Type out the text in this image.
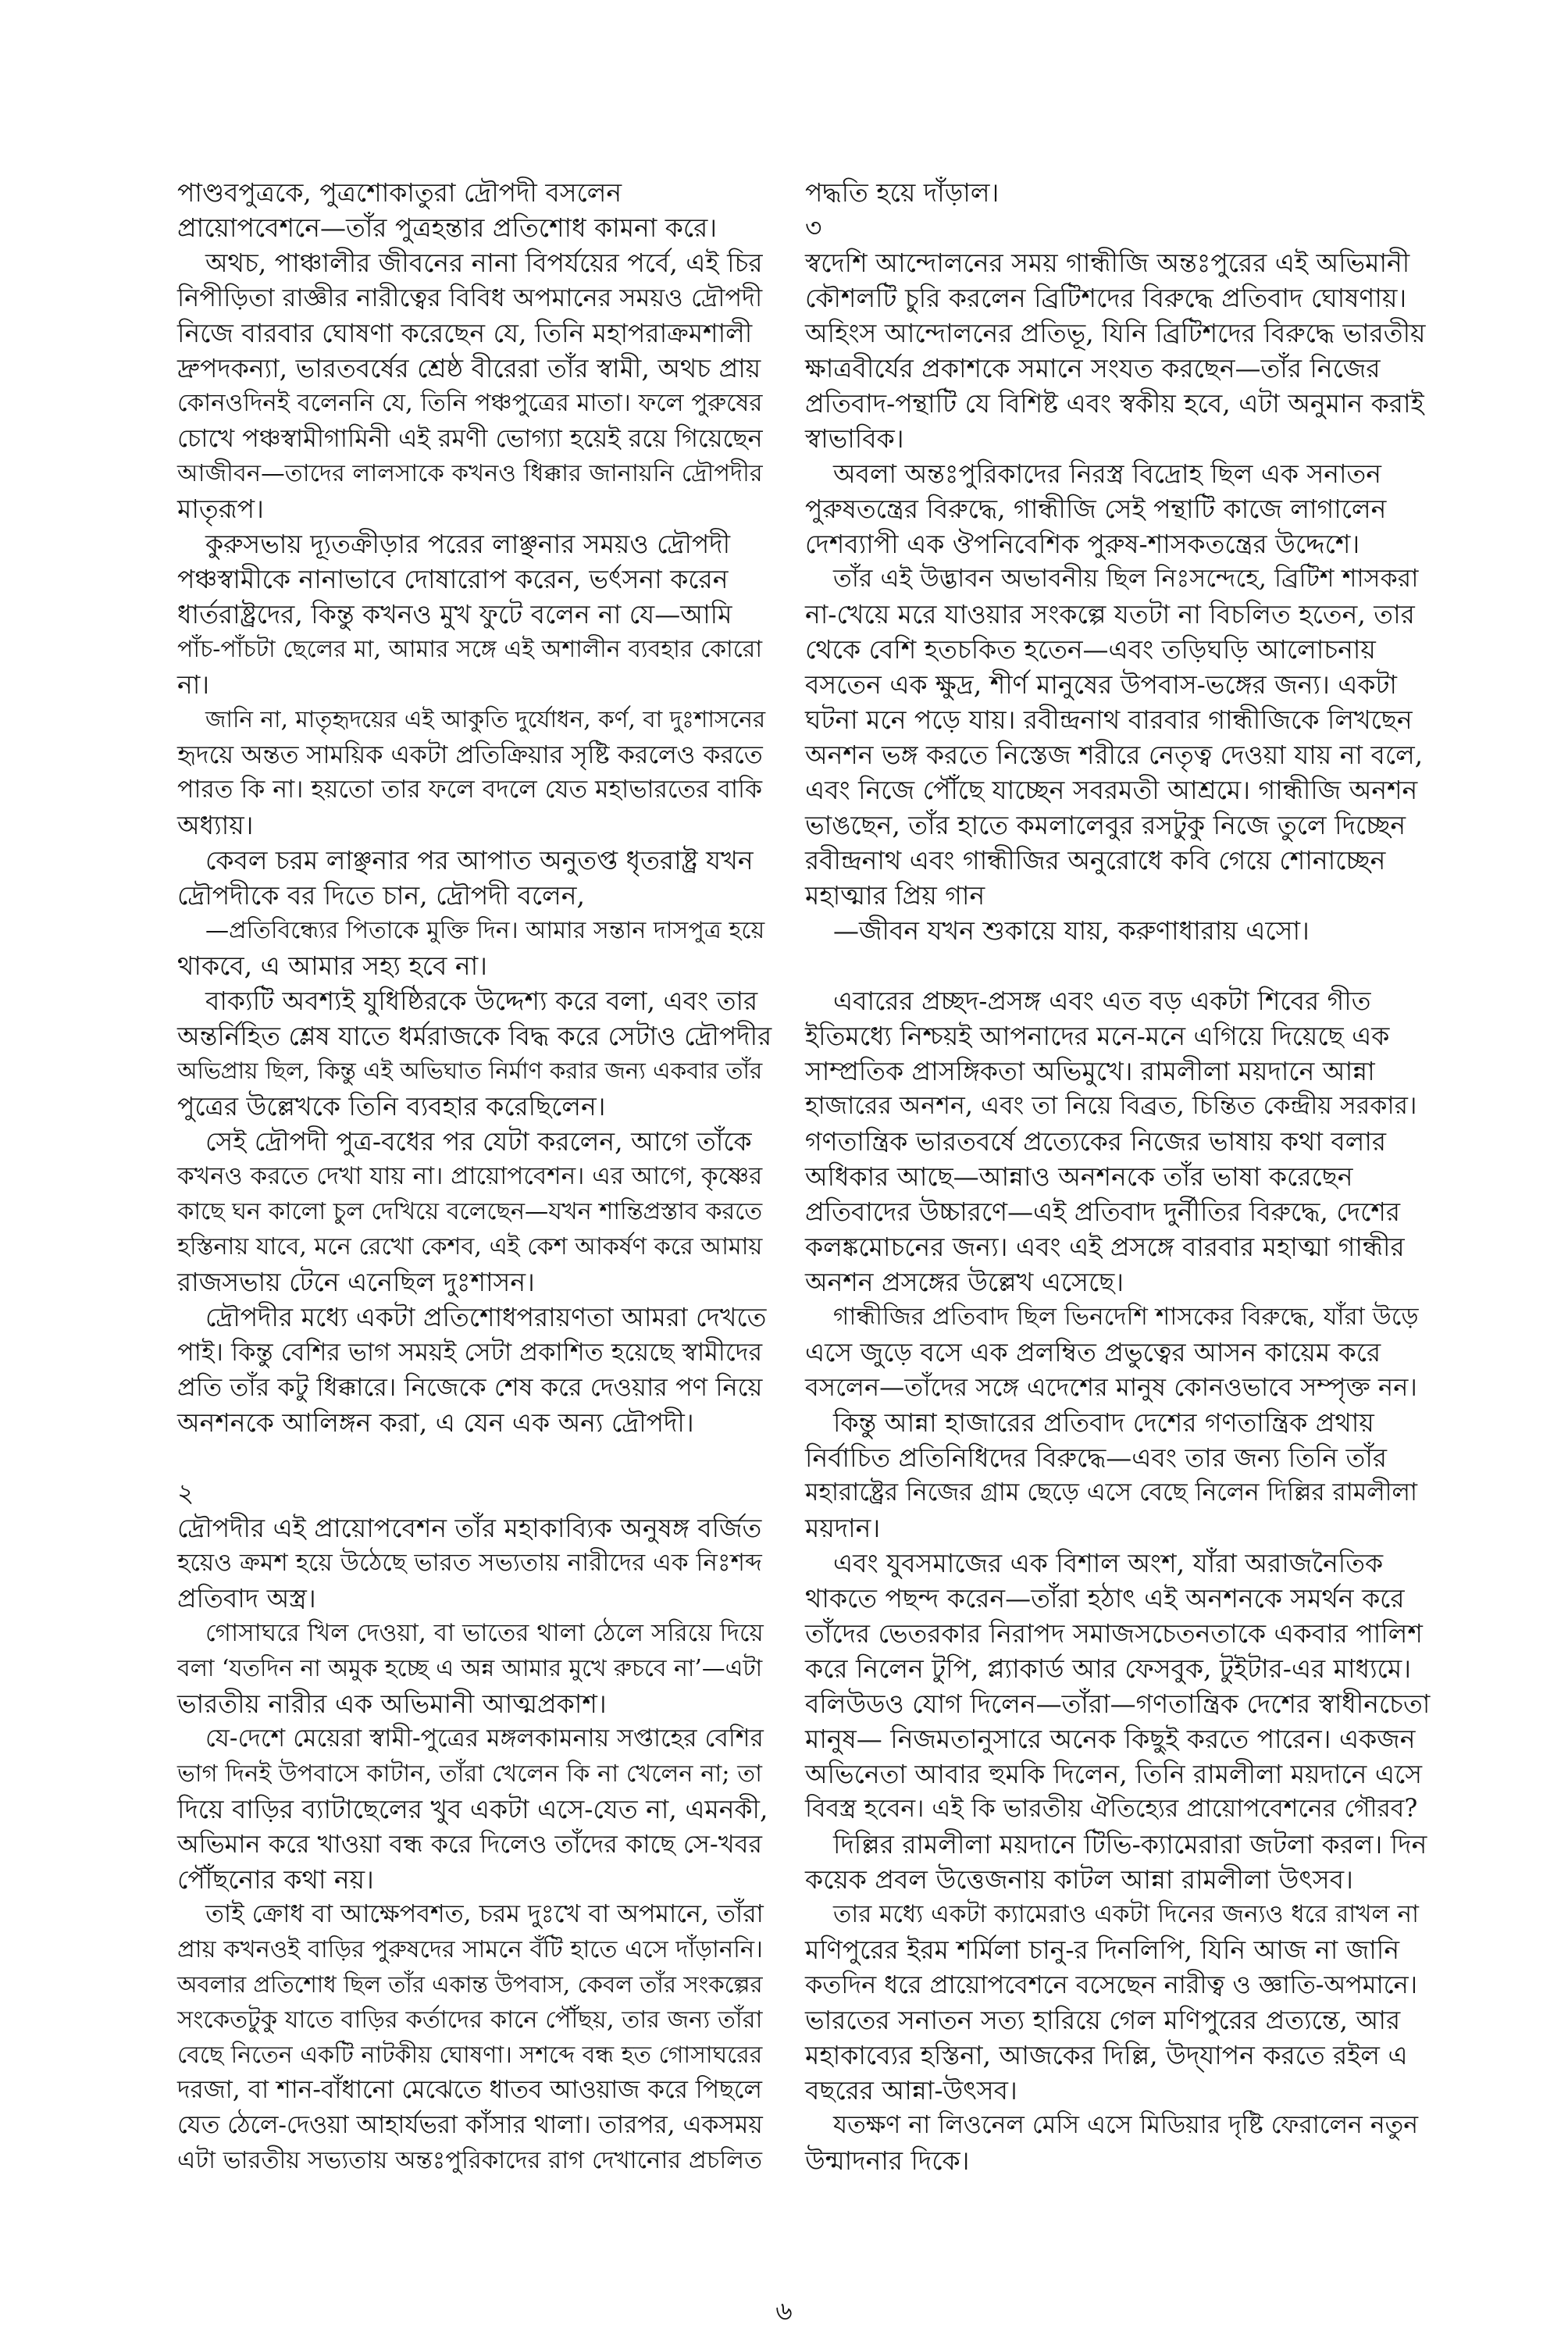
পাণ্ডবপুত্রকে, পুত্রশোকাতুরা দ্রৌপদী বসলেন
প্রায়োপবেশনে—তাঁর পুত্রহন্তার প্রতিশোধ কামনা করে।
অথচ, পাঞ্চালীর জীবনের নানা বিপর্যয়ের পর্বে, এই চির
নিপীড়িতা রাজ্ঞীর নারীত্বের বিবিধ অপমানের সময়ও দ্রৌপদী
নিজে বারবার ঘোষণা করেছেন যে, তিনি মহাপরাক্রমশালী
দ্রুপদকন্যা, ভারতবর্ষের শ্রেষ্ঠ বীরেরা তাঁর স্বামী, অথচ প্রায়
কোনওদিনই বলেননি যে, তিনি পঞ্চপুত্রের মাতা। ফলে পুরুষের
চোখে পঞ্চস্বামীগামিনী এই রমণী ভোগ্যা হয়েই রয়ে গিয়েছেন
আজীবন—তাদের লালসাকে কখনও ধিক্কার জানায়নি দ্রৌপদীর
মাতৃরূপ।
কুরুসভায় দ্যূতক্রীড়ার পরের লাঞ্ছনার সময়ও দ্রৌপদী
পঞ্চস্বামীকে নানাভাবে দোষারোপ করেন, ভর্ৎসনা করেন
ধার্তরাষ্ট্রদের, কিন্তু কখনও মুখ ফুটে বলেন না যে—আমি
পাঁচ-পাঁচটা ছেলের মা, আমার সঙ্গে এই অশালীন ব্যবহার কোরো
না।
জানি না, মাতৃহৃদয়ের এই আকুতি দুর্যোধন, কর্ণ, বা দুঃশাসনের
হৃদয়ে অন্তত সাময়িক একটা প্রতিক্রিয়ার সৃষ্টি করলেও করতে
পারত কি না। হয়তো তার ফলে বদলে যেত মহাভারতের বাকি
অধ্যায়।
কেবল চরম লাঞ্ছনার পর আপাত অনুতপ্ত ধৃতরাষ্ট্র যখন
দ্রৌপদীকে বর দিতে চান, দ্রৌপদী বলেন,
—প্রতিবিন্ধ্যের পিতাকে মুক্তি দিন। আমার সন্তান দাসপুত্র হয়ে
থাকবে, এ আমার সহ্য হবে না।
বাক্যটি অবশ্যই যুধিষ্ঠিরকে উদ্দেশ্য করে বলা, এবং তার
অন্তর্নিহিত শ্লেষ যাতে ধর্মরাজকে বিদ্ধ করে সেটাও দ্রৌপদীর
অভিপ্রায় ছিল, কিন্তু এই অভিঘাত নির্মাণ করার জন্য একবার তাঁর
পুত্রের উল্লেখকে তিনি ব্যবহার করেছিলেন।
সেই দ্রৌপদী পুত্র-বধের পর যেটা করলেন, আগে তাঁকে
কখনও করতে দেখা যায় না। প্রায়োপবেশন। এর আগে, কৃষ্ণের
কাছে ঘন কালো চুল দেখিয়ে বলেছেন—যখন শান্তিপ্রস্তাব করতে
হস্তিনায় যাবে, মনে রেখো কেশব, এই কেশ আকর্ষণ করে আমায়
রাজসভায় টেনে এনেছিল দুঃশাসন।
দ্রৌপদীর মধ্যে একটা প্রতিশোধপরায়ণতা আমরা দেখতে
পাই। কিন্তু বেশির ভাগ সময়ই সেটা প্রকাশিত হয়েছে স্বামীদের
প্রতি তাঁর কটু ধিক্কারে। নিজেকে শেষ করে দেওয়ার পণ নিয়ে
অনশনকে আলিঙ্গন করা, এ যেন এক অন্য দ্রৌপদী।
২
দ্রৌপদীর এই প্রায়োপবেশন তাঁর মহাকাব্যিক অনুষঙ্গ বর্জিত
হয়েও ক্রমশ হয়ে উঠেছে ভারত সভ্যতায় নারীদের এক নিঃশব্দ
প্রতিবাদ অস্ত্র।
গোসাঘরে খিল দেওয়া, বা ভাতের থালা ঠেলে সরিয়ে দিয়ে
বলা ‘যতদিন না অমুক হচ্ছে এ অন্ন আমার মুখে রুচবে না’—এটা
ভারতীয় নারীর এক অভিমানী আত্মপ্রকাশ।
যে-দেশে মেয়েরা স্বামী-পুত্রের মঙ্গলকামনায় সপ্তাহের বেশির
ভাগ দিনই উপবাসে কাটান, তাঁরা খেলেন কি না খেলেন না; তা
দিয়ে বাড়ির ব্যাটাছেলের খুব একটা এসে-যেত না, এমনকী,
অভিমান করে খাওয়া বন্ধ করে দিলেও তাঁদের কাছে সে-খবর
পৌঁছনোর কথা নয়।
তাই ক্রোধ বা আক্ষেপবশত, চরম দুঃখে বা অপমানে, তাঁরা
প্রায় কখনওই বাড়ির পুরুষদের সামনে বঁটি হাতে এসে দাঁড়াননি।
অবলার প্রতিশোধ ছিল তাঁর একান্ত উপবাস, কেবল তাঁর সংকল্পের
সংকেতটুকু যাতে বাড়ির কর্তাদের কানে পৌঁছয়, তার জন্য তাঁরা
বেছে নিতেন একটি নাটকীয় ঘোষণা। সশব্দে বন্ধ হত গোসাঘরের
দরজা, বা শান-বাঁধানো মেঝেতে ধাতব আওয়াজ করে পিছলে
যেত ঠেলে-দেওয়া আহার্যভরা কাঁসার থালা। তারপর, একসময়
এটা ভারতীয় সভ্যতায় অন্তঃপুরিকাদের রাগ দেখানোর প্রচলিত
পদ্ধতি হয়ে দাঁড়াল।
৩
স্বদেশি আন্দোলনের সময় গান্ধীজি অন্তঃপুরের এই অভিমানী
কৌশলটি চুরি করলেন ব্রিটিশদের বিরুদ্ধে প্রতিবাদ ঘোষণায়।
অহিংস আন্দোলনের প্রতিভূ, যিনি ব্রিটিশদের বিরুদ্ধে ভারতীয়
ক্ষাত্রবীর্যের প্রকাশকে সমানে সংযত করছেন—তাঁর নিজের
প্রতিবাদ-পন্থাটি যে বিশিষ্ট এবং স্বকীয় হবে, এটা অনুমান করাই
স্বাভাবিক।
অবলা অন্তঃপুরিকাদের নিরস্ত্র বিদ্রোহ ছিল এক সনাতন
পুরুষতন্ত্রের বিরুদ্ধে, গান্ধীজি সেই পন্থাটি কাজে লাগালেন
দেশব্যাপী এক ঔপনিবেশিক পুরুষ-শাসকতন্ত্রের উদ্দেশে।
তাঁর এই উদ্ভাবন অভাবনীয় ছিল নিঃসন্দেহে, ব্রিটিশ শাসকরা
না-খেয়ে মরে যাওয়ার সংকল্পে যতটা না বিচলিত হতেন, তার
থেকে বেশি হতচকিত হতেন—এবং তড়িঘড়ি আলোচনায়
বসতেন এক ক্ষুদ্র, শীর্ণ মানুষের উপবাস-ভঙ্গের জন্য। একটা
ঘটনা মনে পড়ে যায়। রবীন্দ্রনাথ বারবার গান্ধীজিকে লিখছেন
অনশন ভঙ্গ করতে নিস্তেজ শরীরে নেতৃত্ব দেওয়া যায় না বলে,
এবং নিজে পৌঁছে যাচ্ছেন সবরমতী আশ্রমে। গান্ধীজি অনশন
ভাঙছেন, তাঁর হাতে কমলালেবুর রসটুকু নিজে তুলে দিচ্ছেন
রবীন্দ্রনাথ এবং গান্ধীজির অনুরোধে কবি গেয়ে শোনাচ্ছেন
মহাত্মার প্রিয় গান
—জীবন যখন শুকায়ে যায়, করুণাধারায় এসো।
এবারের প্রচ্ছদ-প্রসঙ্গ এবং এত বড় একটা শিবের গীত
ইতিমধ্যে নিশ্চয়ই আপনাদের মনে-মনে এগিয়ে দিয়েছে এক
সাম্প্রতিক প্রাসঙ্গিকতা অভিমুখে। রামলীলা ময়দানে আন্না
হাজারের অনশন, এবং তা নিয়ে বিব্রত, চিন্তিত কেন্দ্রীয় সরকার।
গণতান্ত্রিক ভারতবর্ষে প্রত্যেকের নিজের ভাষায় কথা বলার
অধিকার আছে—আন্নাও অনশনকে তাঁর ভাষা করেছেন
প্রতিবাদের উচ্চারণে—এই প্রতিবাদ দুর্নীতির বিরুদ্ধে, দেশের
কলঙ্কমোচনের জন্য। এবং এই প্রসঙ্গে বারবার মহাত্মা গান্ধীর
অনশন প্রসঙ্গের উল্লেখ এসেছে।
গান্ধীজির প্রতিবাদ ছিল ভিনদেশি শাসকের বিরুদ্ধে, যাঁরা উড়ে
এসে জুড়ে বসে এক প্রলম্বিত প্রভুত্বের আসন কায়েম করে
বসলেন—তাঁদের সঙ্গে এদেশের মানুষ কোনওভাবে সম্পৃক্ত নন।
কিন্তু আন্না হাজারের প্রতিবাদ দেশের গণতান্ত্রিক প্রথায়
নির্বাচিত প্রতিনিধিদের বিরুদ্ধে—এবং তার জন্য তিনি তাঁর
মহারাষ্ট্রের নিজের গ্রাম ছেড়ে এসে বেছে নিলেন দিল্লির রামলীলা
ময়দান।
এবং যুবসমাজের এক বিশাল অংশ, যাঁরা অরাজনৈতিক
থাকতে পছন্দ করেন—তাঁরা হঠাৎ এই অনশনকে সমর্থন করে
তাঁদের ভেতরকার নিরাপদ সমাজসচেতনতাকে একবার পালিশ
করে নিলেন টুপি, প্ল্যাকার্ড আর ফেসবুক, টুইটার-এর মাধ্যমে।
বলিউডও যোগ দিলেন—তাঁরা—গণতান্ত্রিক দেশের স্বাধীনচেতা
মানুষ— নিজমতানুসারে অনেক কিছুই করতে পারেন। একজন
অভিনেতা আবার হুমকি দিলেন, তিনি রামলীলা ময়দানে এসে
বিবস্ত্র হবেন। এই কি ভারতীয় ঐতিহ্যের প্রায়োপবেশনের গৌরব?
দিল্লির রামলীলা ময়দানে টিভি-ক্যামেরারা জটলা করল। দিন
কয়েক প্রবল উত্তেজনায় কাটল আন্না রামলীলা উৎসব।
তার মধ্যে একটা ক্যামেরাও একটা দিনের জন্যও ধরে রাখল না
মণিপুরের ইরম শর্মিলা চানু-র দিনলিপি, যিনি আজ না জানি
কতদিন ধরে প্রায়োপবেশনে বসেছেন নারীত্ব ও জ্ঞাতি-অপমানে।
ভারতের সনাতন সত্য হারিয়ে গেল মণিপুরের প্রত্যন্তে, আর
মহাকাব্যের হস্তিনা, আজকের দিল্লি, উদ্‌যাপন করতে রইল এ
বছরের আন্না-উৎসব।
যতক্ষণ না লিওনেল মেসি এসে মিডিয়ার দৃষ্টি ফেরালেন নতুন
উন্মাদনার দিকে।
৬
